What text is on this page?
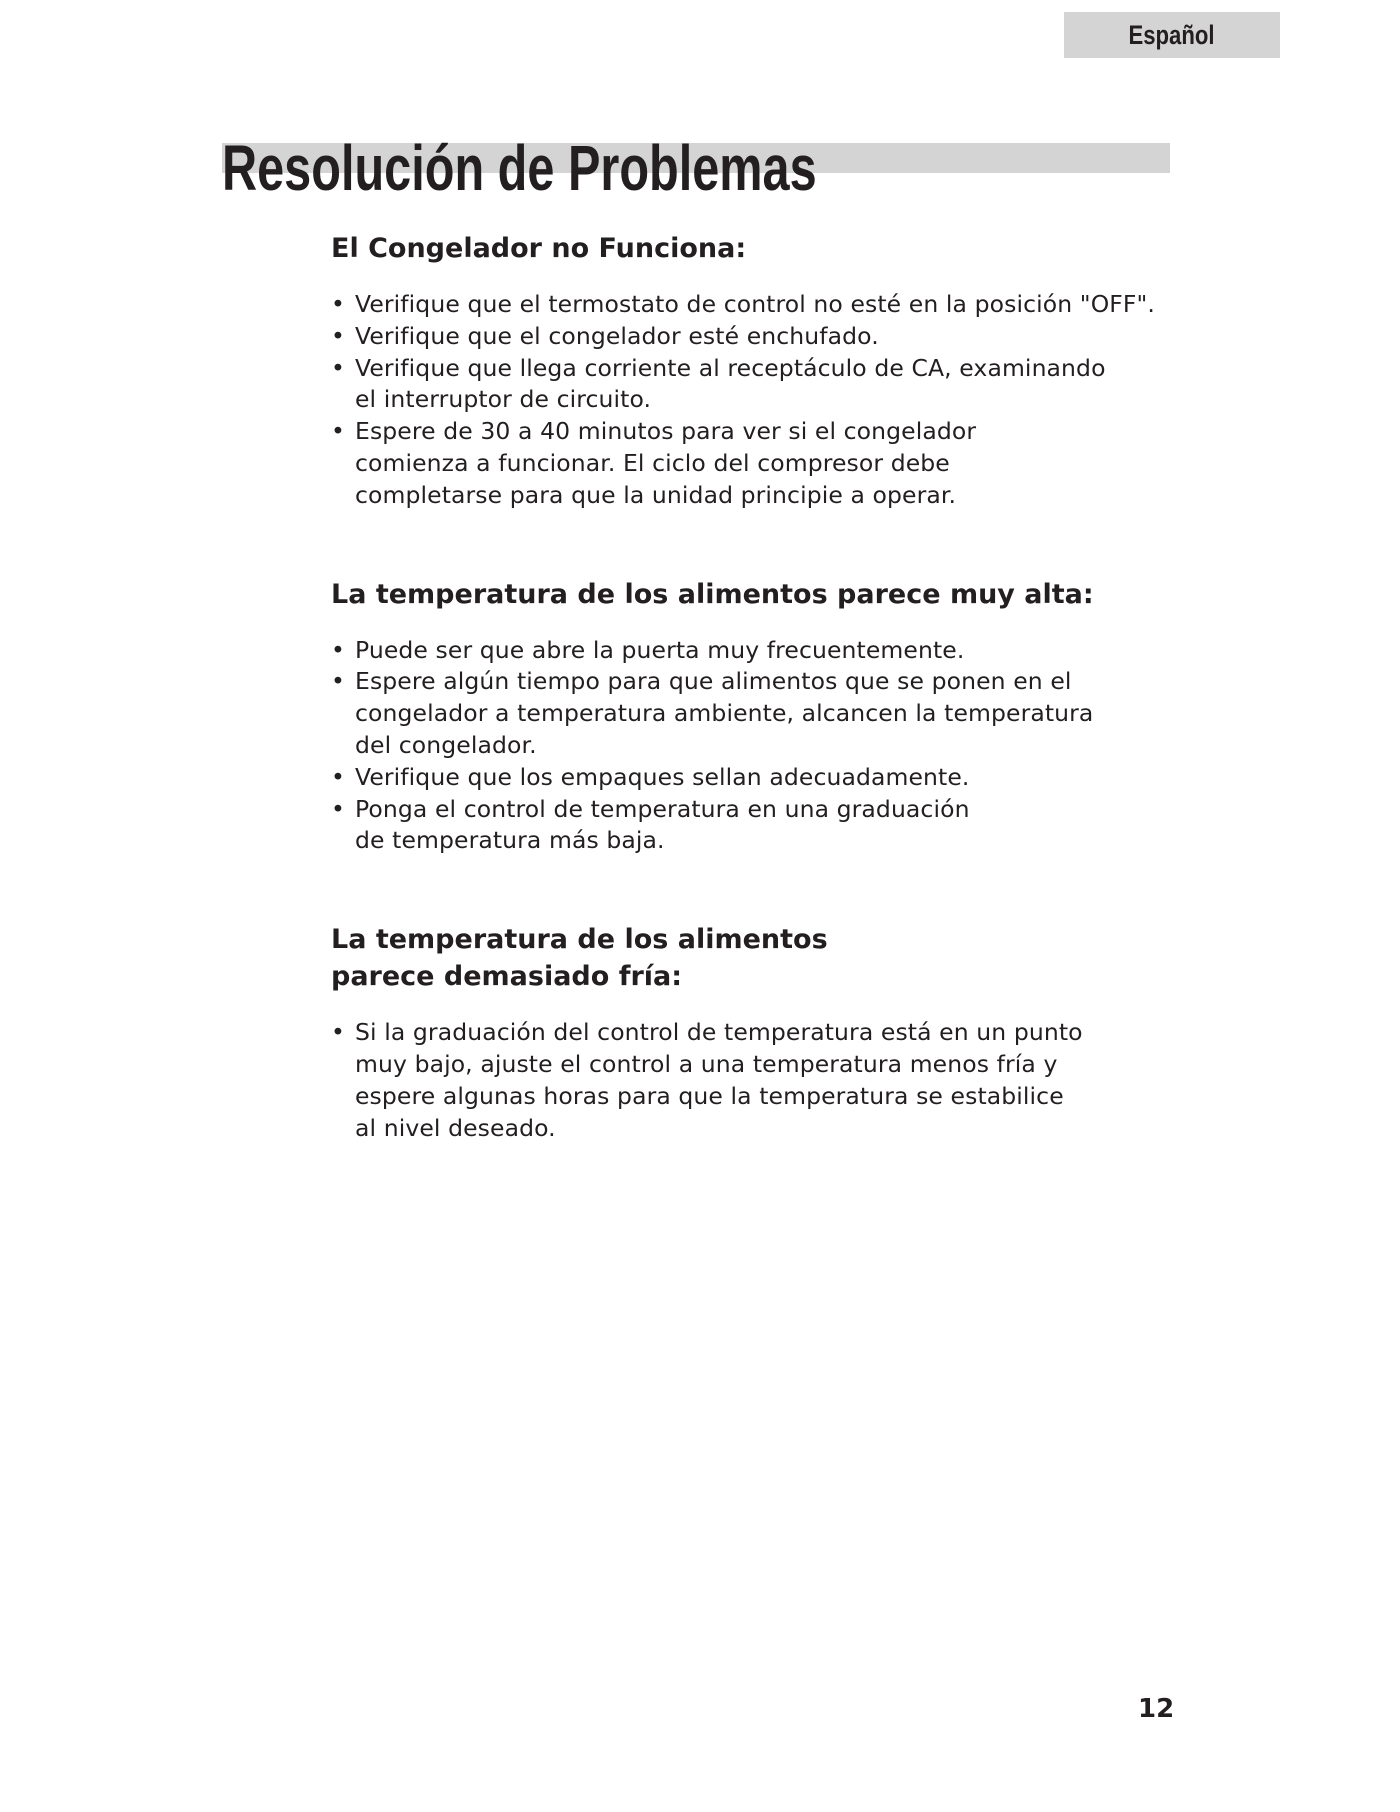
Español
Resolución de Problemas
El Congelador no Funciona:
• Verifique que el termostato de control no esté en la posición "OFF".
• Verifique que el congelador esté enchufado.
• Verifique que llega corriente al receptáculo de CA, examinando el interruptor de circuito.
• Espere de 30 a 40 minutos para ver si el congelador comienza a funcionar. El ciclo del compresor debe completarse para que la unidad principie a operar.
La temperatura de los alimentos parece muy alta:
• Puede ser que abre la puerta muy frecuentemente.
• Espere algún tiempo para que alimentos que se ponen en el congelador a temperatura ambiente, alcancen la temperatura del congelador.
• Verifique que los empaques sellan adecuadamente.
• Ponga el control de temperatura en una graduación de temperatura más baja.
La temperatura de los alimentos parece demasiado fría:
• Si la graduación del control de temperatura está en un punto muy bajo, ajuste el control a una temperatura menos fría y espere algunas horas para que la temperatura se estabilice al nivel deseado.
12
